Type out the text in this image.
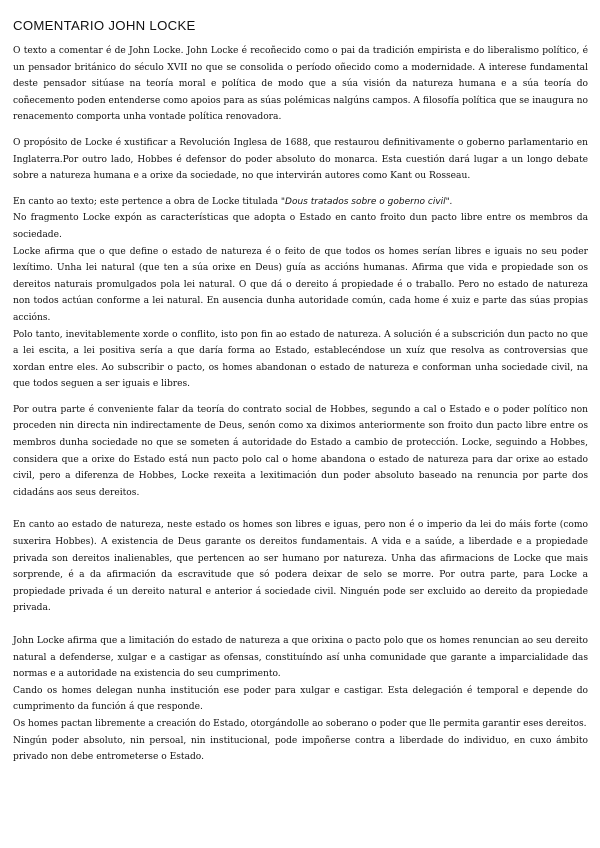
COMENTARIO JOHN LOCKE

O texto a comentar é de John Locke. John Locke é recoñecido como o pai da tradición empirista e do liberalismo político, é un pensador británico do século XVII no que se consolida o período oñecido como a modernidade. A interese fundamental deste pensador sitúase na teoría moral e política de modo que a súa visión da natureza humana e a súa teoría do coñecemento poden entenderse como apoios para as súas polémicas nalgúns campos. A filosofía política que se inaugura no renacemento comporta unha vontade política renovadora.

O propósito de Locke é xustificar a Revolución Inglesa de 1688, que restaurou definitivamente o goberno parlamentario en Inglaterra.Por outro lado, Hobbes é defensor do poder absoluto do monarca. Esta cuestión dará lugar a un longo debate sobre a natureza humana e a orixe da sociedade, no que intervirán autores como Kant ou Rosseau.

En canto ao texto; este pertence a obra de Locke titulada "Dous tratados sobre o goberno civil".

No fragmento Locke expón as características que adopta o Estado en canto froito dun pacto libre entre os membros da sociedade.

Locke afirma que o que define o estado de natureza é o feito de que todos os homes serían libres e iguais no seu poder lexítimo. Unha lei natural (que ten a súa orixe en Deus) guía as accións humanas. Afirma que vida e propiedade son os dereitos naturais promulgados pola lei natural. O que dá o dereito á propiedade é o traballo. Pero no estado de natureza non todos actúan conforme a lei natural. En ausencia dunha autoridade común, cada home é xuiz e parte das súas propias accións.

Polo tanto, inevitablemente xorde o conflito, isto pon fin ao estado de natureza. A solución é a subscrición dun pacto no que a lei escita, a lei positiva sería a que daría forma ao Estado, establecéndose un xuíz que resolva as controversias que xordan entre eles. Ao subscribir o pacto, os homes abandonan o estado de natureza e conforman unha sociedade civil, na que todos seguen a ser iguais e libres.

Por outra parte é conveniente falar da teoría do contrato social de Hobbes, segundo a cal o Estado e o poder político non proceden nin directa nin indirectamente de Deus, senón como xa diximos anteriormente son froito dun pacto libre entre os membros dunha sociedade no que se someten á autoridade do Estado a cambio de protección. Locke, seguindo a Hobbes, considera que a orixe do Estado está nun pacto polo cal o home abandona o estado de natureza para dar orixe ao estado civil, pero a diferenza de Hobbes, Locke rexeita a lexitimación dun poder absoluto baseado na renuncia por parte dos cidadáns aos seus dereitos.

En canto ao estado de natureza, neste estado os homes son libres e iguas, pero non é o imperio da lei do máis forte (como suxerira Hobbes). A existencia de Deus garante os dereitos fundamentais. A vida e a saúde, a liberdade e a propiedade privada son dereitos inalienables, que pertencen ao ser humano por natureza. Unha das afirmacions de Locke que mais sorprende, é a da afirmación da escravitude que só podera deixar de selo se morre. Por outra parte, para Locke a propiedade privada é un dereito natural e anterior á sociedade civil. Ninguén pode ser excluido ao dereito da propiedade privada.

John Locke afirma que a limitación do estado de natureza a que orixina o pacto polo que os homes renuncian ao seu dereito natural a defenderse, xulgar e a castigar as ofensas, constituíndo así unha comunidade que garante a imparcialidade das normas e a autoridade na existencia do seu cumprimento.

Cando os homes delegan nunha institución ese poder para xulgar e castigar. Esta delegación é temporal e depende do cumprimento da función á que responde.

Os homes pactan libremente a creación do Estado, otorgándolle ao soberano o poder que lle permita garantir eses dereitos.

Ningún poder absoluto, nin persoal, nin institucional, pode impoñerse contra a liberdade do individuo, en cuxo ámbito privado non debe entrometerse o Estado.
